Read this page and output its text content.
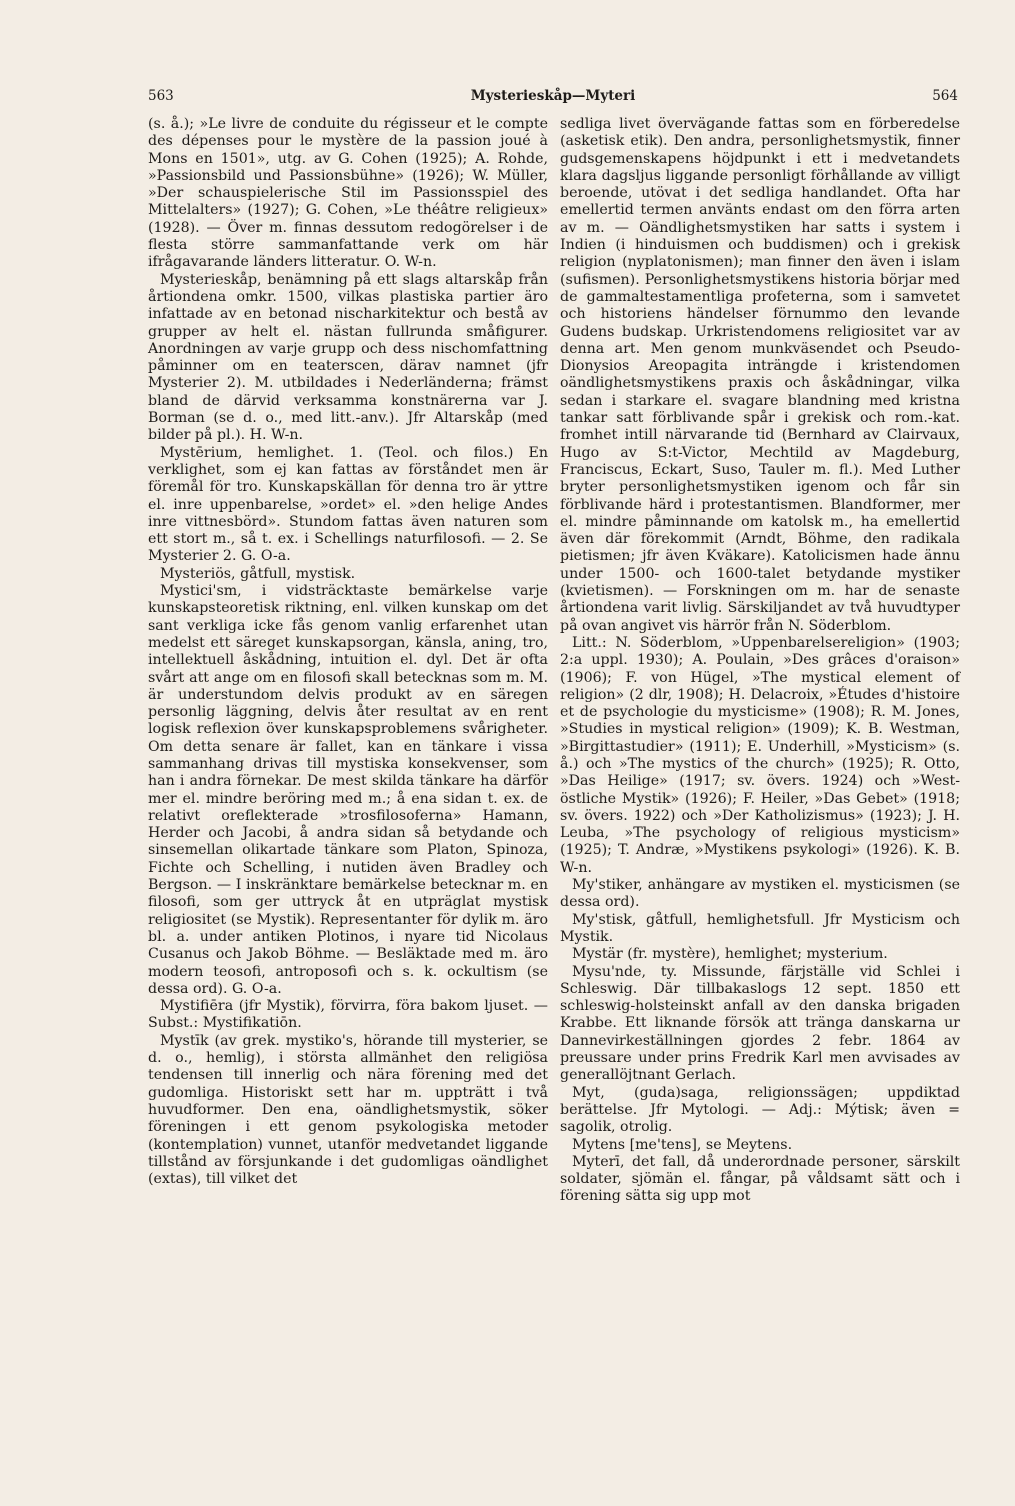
563	Mysterieskåp—Myteri	564

(s. å.); »Le livre de conduite du régisseur et le compte des dépenses pour le mystère de la passion joué à Mons en 1501», utg. av G. Cohen (1925); A. Rohde, »Passionsbild und Passionsbühne» (1926); W. Müller, »Der schauspielerische Stil im Passionsspiel des Mittelalters» (1927); G. Cohen, »Le théâtre religieux» (1928). — Över m. finnas dessutom redogörelser i de flesta större sammanfattande verk om här ifrågavarande länders litteratur. O. W-n.

Mysterieskåp, benämning på ett slags altarskåp från årtiondena omkr. 1500, vilkas plastiska partier äro infattade av en betonad nischarkitektur och bestå av grupper av helt el. nästan fullrunda småfigurer. Anordningen av varje grupp och dess nischomfattning påminner om en teaterscen, därav namnet (jfr Mysterier 2). M. utbildades i Nederländerna; främst bland de därvid verksamma konstnärerna var J. Borman (se d. o., med litt.-anv.). Jfr Altarskåp (med bilder på pl.). H. W-n.

Mystērium, hemlighet. 1. (Teol. och filos.) En verklighet, som ej kan fattas av förståndet men är föremål för tro. Kunskapskällan för denna tro är yttre el. inre uppenbarelse, »ordet» el. »den helige Andes inre vittnesbörd». Stundom fattas även naturen som ett stort m., så t. ex. i Schellings naturfilosofi. — 2. Se Mysterier 2. G. O-a.

Mysteriös, gåtfull, mystisk.

Mystici'sm, i vidsträcktaste bemärkelse varje kunskapsteoretisk riktning, enl. vilken kunskap om det sant verkliga icke fås genom vanlig erfarenhet utan medelst ett säreget kunskapsorgan, känsla, aning, tro, intellektuell åskådning, intuition el. dyl. Det är ofta svårt att ange om en filosofi skall betecknas som m. M. är understundom delvis produkt av en säregen personlig läggning, delvis åter resultat av en rent logisk reflexion över kunskapsproblemens svårigheter. Om detta senare är fallet, kan en tänkare i vissa sammanhang drivas till mystiska konsekvenser, som han i andra förnekar. De mest skilda tänkare ha därför mer el. mindre beröring med m.; å ena sidan t. ex. de relativt oreflekterade »trosfilosoferna» Hamann, Herder och Jacobi, å andra sidan så betydande och sinsemellan olikartade tänkare som Platon, Spinoza, Fichte och Schelling, i nutiden även Bradley och Bergson. — I inskränktare bemärkelse betecknar m. en filosofi, som ger uttryck åt en utpräglat mystisk religiositet (se Mystik). Representanter för dylik m. äro bl. a. under antiken Plotinos, i nyare tid Nicolaus Cusanus och Jakob Böhme. — Besläktade med m. äro modern teosofi, antroposofi och s. k. ockultism (se dessa ord). G. O-a.

Mystifiēra (jfr Mystik), förvirra, föra bakom ljuset. — Subst.: Mystifikatiōn.

Mystīk (av grek. mystiko's, hörande till mysterier, se d. o., hemlig), i största allmänhet den religiösa tendensen till innerlig och nära förening med det gudomliga. Historiskt sett har m. uppträtt i två huvudformer. Den ena, oändlighetsmystik, söker föreningen i ett genom psykologiska metoder (kontemplation) vunnet, utanför medvetandet liggande tillstånd av försjunkande i det gudomligas oändlighet (extas), till vilket det

sedliga livet övervägande fattas som en förberedelse (asketisk etik). Den andra, personlighetsmystik, finner gudsgemenskapens höjdpunkt i ett i medvetandets klara dagsljus liggande personligt förhållande av villigt beroende, utövat i det sedliga handlandet. Ofta har emellertid termen använts endast om den förra arten av m. — Oändlighetsmystiken har satts i system i Indien (i hinduismen och buddismen) och i grekisk religion (nyplatonismen); man finner den även i islam (sufismen). Personlighetsmystikens historia börjar med de gammaltestamentliga profeterna, som i samvetet och historiens händelser förnummo den levande Gudens budskap. Urkristendomens religiositet var av denna art. Men genom munkväsendet och Pseudo-Dionysios Areopagita inträngde i kristendomen oändlighetsmystikens praxis och åskådningar, vilka sedan i starkare el. svagare blandning med kristna tankar satt förblivande spår i grekisk och rom.-kat. fromhet intill närvarande tid (Bernhard av Clairvaux, Hugo av S:t-Victor, Mechtild av Magdeburg, Franciscus, Eckart, Suso, Tauler m. fl.). Med Luther bryter personlighetsmystiken igenom och får sin förblivande härd i protestantismen. Blandformer, mer el. mindre påminnande om katolsk m., ha emellertid även där förekommit (Arndt, Böhme, den radikala pietismen; jfr även Kväkare). Katolicismen hade ännu under 1500- och 1600-talet betydande mystiker (kvietismen). — Forskningen om m. har de senaste årtiondena varit livlig. Särskiljandet av två huvudtyper på ovan angivet vis härrör från N. Söderblom.

Litt.: N. Söderblom, »Uppenbarelsereligion» (1903; 2:a uppl. 1930); A. Poulain, »Des grâces d'oraison» (1906); F. von Hügel, »The mystical element of religion» (2 dlr, 1908); H. Delacroix, »Études d'histoire et de psychologie du mysticisme» (1908); R. M. Jones, »Studies in mystical religion» (1909); K. B. Westman, »Birgittastudier» (1911); E. Underhill, »Mysticism» (s. å.) och »The mystics of the church» (1925); R. Otto, »Das Heilige» (1917; sv. övers. 1924) och »West-östliche Mystik» (1926); F. Heiler, »Das Gebet» (1918; sv. övers. 1922) och »Der Katholizismus» (1923); J. H. Leuba, »The psychology of religious mysticism» (1925); T. Andræ, »Mystikens psykologi» (1926). K. B. W-n.

My'stiker, anhängare av mystiken el. mysticismen (se dessa ord).

My'stisk, gåtfull, hemlighetsfull. Jfr Mysticism och Mystik.

Mystär (fr. mystère), hemlighet; mysterium.

Mysu'nde, ty. Missunde, färjställe vid Schlei i Schleswig. Där tillbakaslogs 12 sept. 1850 ett schleswig-holsteinskt anfall av den danska brigaden Krabbe. Ett liknande försök att tränga danskarna ur Dannevirkeställningen gjordes 2 febr. 1864 av preussare under prins Fredrik Karl men avvisades av generallöjtnant Gerlach.

Myt, (guda)saga, religionssägen; uppdiktad berättelse. Jfr Mytologi. — Adj.: Mýtisk; även = sagolik, otrolig.

Mytens [me'tens], se Meytens.

Myterī, det fall, då underordnade personer, särskilt soldater, sjömän el. fångar, på våldsamt sätt och i förening sätta sig upp mot
